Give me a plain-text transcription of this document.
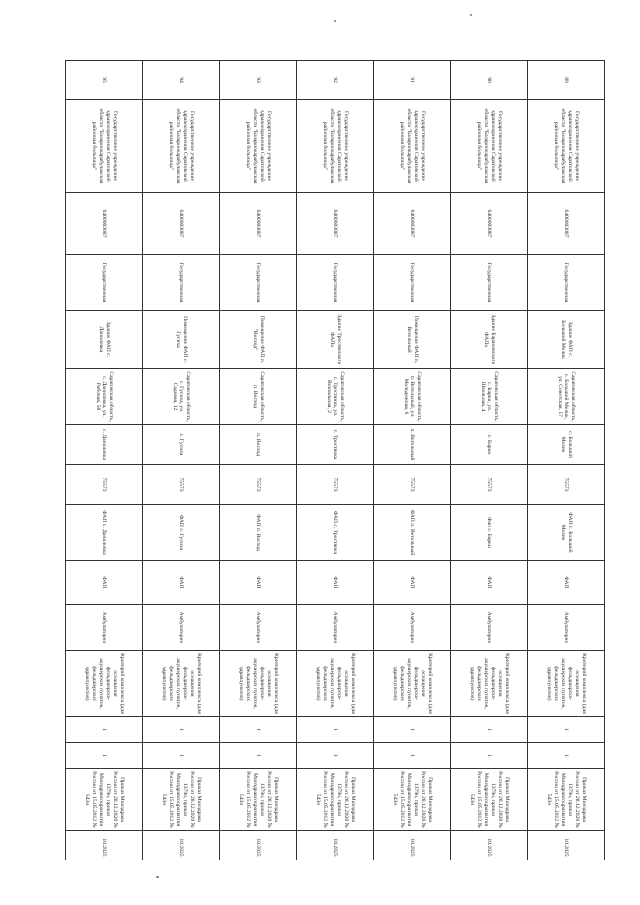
89	Государственное учреждение здравоохранения Саратовской области "Базарнокарабулакская районная больница"	6400003087	Государственная	Здание ФАП с. Большой Мелик	Саратовская область, с. Большой Мелик, ул. Советская, 17	с. Большой Мелик	75573	ФАП с. Большой Мелик	ФАП	Амбулаторно	Критерий комплекса (для оснащения фельдшерско-акушерских пунктов, фельдшерских здравпунктов)	1	1	Приказ Минздрава России от 28.12.2020 № 1379н, приказ Минздравсоцразвития России от 15.05.2012 № 543н	10.2025	
90	Государственное учреждение здравоохранения Саратовской области "Базарнокарабулакская районная больница"	6400003087	Государственная	Здание Барановского ФАПа	Саратовская область, с. Барки, ул. Школьная, 4	с. Барки	75573	Фап с. Барки	ФАП	Амбулаторно	Критерий комплекса (для оснащения фельдшерско-акушерских пунктов, фельдшерских здравпунктов)	1	1	Приказ Минздрава России от 28.12.2020 № 1379н, приказ Минздравсоцразвития России от 15.05.2012 № 543н	10.2025	
91	Государственное учреждение здравоохранения Саратовской области "Базарнокарабулакская районная больница"	6400003087	Государственная	Помещение ФАП п. Ветельный	Саратовская область, п. Ветельный, ул. Молодежная, 6	п. Ветельный	75573	ФАП п. Ветельный	ФАП	Амбулаторно	Критерий комплекса (для оснащения фельдшерско-акушерских пунктов, фельдшерских здравпунктов)	1	1	Приказ Минздрава России от 28.12.2020 № 1379н, приказ Минздравсоцразвития России от 15.05.2012 № 543н	10.2025	
92	Государственное учреждение здравоохранения Саратовской области "Базарнокарабулакская районная больница"	6400003087	Государственная	Здание Тростянского ФАПа	Саратовская область, с. Тростянка, ул. Вокзальная, 2	с. Тростянка	75573	ФАП с. Тростянка	ФАП	Амбулаторно	Критерий комплекса (для оснащения фельдшерско-акушерских пунктов, фельдшерских здравпунктов)	1	1	Приказ Минздрава России от 28.12.2020 № 1379н, приказ Минздравсоцразвития России от 15.05.2012 № 543н	10.2025	
93	Государственное учреждение здравоохранения Саратовской области "Базарнокарабулакская районная больница"	6400003087	Государственная	Помещение ФАП п. "Восход"	Саратовская область, п. Восход	п. Восход	75573	ФАП п. Восход	ФАП	Амбулаторно	Критерий комплекса (для оснащения фельдшерско-акушерских пунктов, фельдшерских здравпунктов)	1	1	Приказ Минздрава России от 28.12.2020 № 1379н, приказ Минздравсоцразвития России от 15.05.2012 № 543н	10.2025	
94	Государственное учреждение здравоохранения Саратовской области "Базарнокарабулакская районная больница"	6400003087	Государственная	Помещение ФАП с. Гусиха	Саратовская область, с. Гусиха, ул. Садовая, 12	с. Гусиха	75573	ФАП с. Гусиха	ФАП	Амбулаторно	Критерий комплекса (для оснащения фельдшерско-акушерских пунктов, фельдшерских здравпунктов)	1	1	Приказ Минздрава России от 28.12.2020 № 1379н, приказ Минздравсоцразвития России от 15.05.2012 № 543н	10.2025	
95	Государственное учреждение здравоохранения Саратовской области "Базарнокарабулакская районная больница"	6400003087	Государственная	Здание ФАП с. Даниловка	Саратовская область, с. Даниловка, ул. Рабочая, 58	с. Даниловка	75573	ФАП с. Даниловка	ФАП	Амбулаторно	Критерий комплекса (для оснащения фельдшерско-акушерских пунктов, фельдшерских здравпунктов)	1	1	Приказ Минздрава России от 28.12.2020 № 1379н, приказ Минздравсоцразвития России от 15.05.2012 № 543н	10.2025	
